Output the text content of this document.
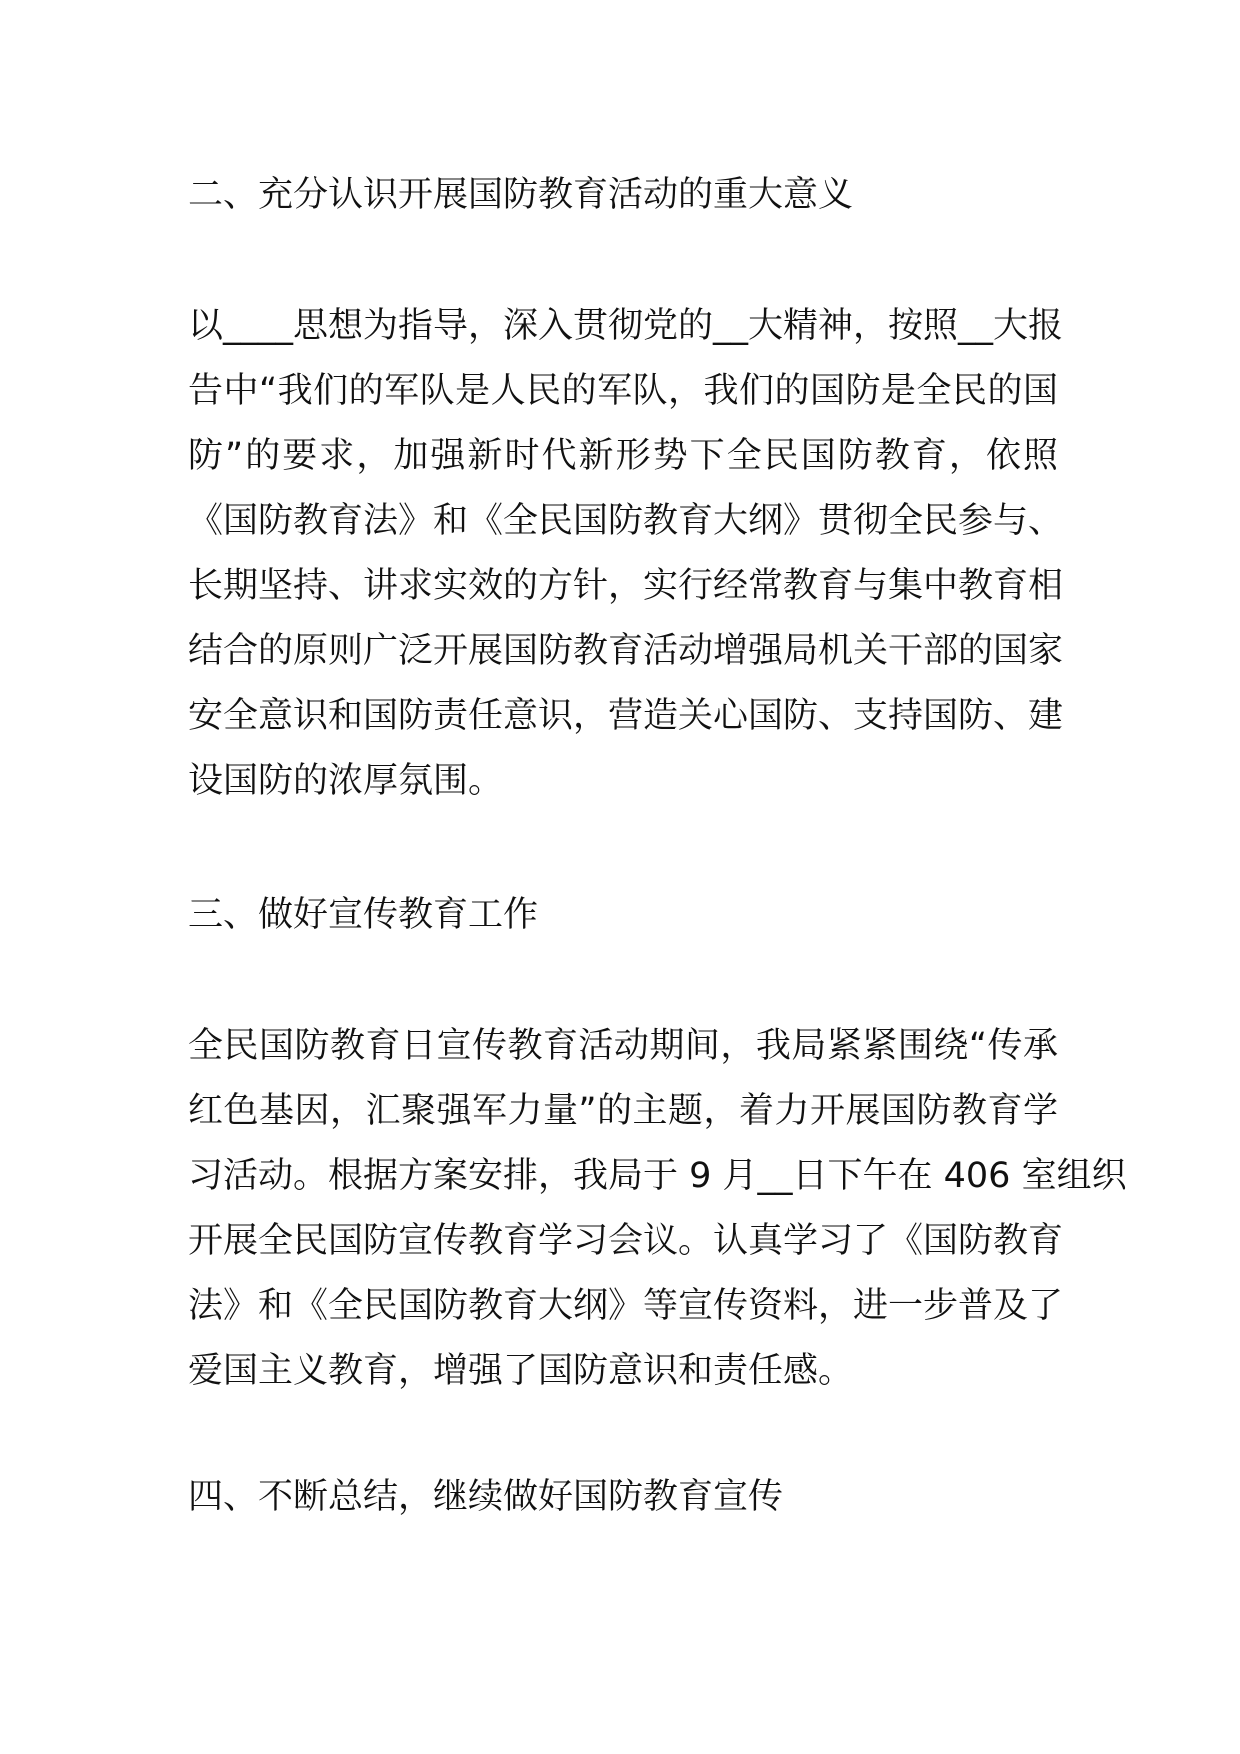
二、充分认识开展国防教育活动的重大意义
以____思想为指导，深入贯彻党的__大精神，按照__大报
告中“我们的军队是人民的军队，我们的国防是全民的国
防”的要求，加强新时代新形势下全民国防教育，依照
《国防教育法》和《全民国防教育大纲》贯彻全民参与、
长期坚持、讲求实效的方针，实行经常教育与集中教育相
结合的原则广泛开展国防教育活动增强局机关干部的国家
安全意识和国防责任意识，营造关心国防、支持国防、建
设国防的浓厚氛围。
三、做好宣传教育工作
全民国防教育日宣传教育活动期间，我局紧紧围绕“传承
红色基因，汇聚强军力量”的主题，着力开展国防教育学
习活动。根据方案安排，我局于 9 月__日下午在 406 室组织
开展全民国防宣传教育学习会议。认真学习了《国防教育
法》和《全民国防教育大纲》等宣传资料，进一步普及了
爱国主义教育，增强了国防意识和责任感。
四、不断总结，继续做好国防教育宣传
